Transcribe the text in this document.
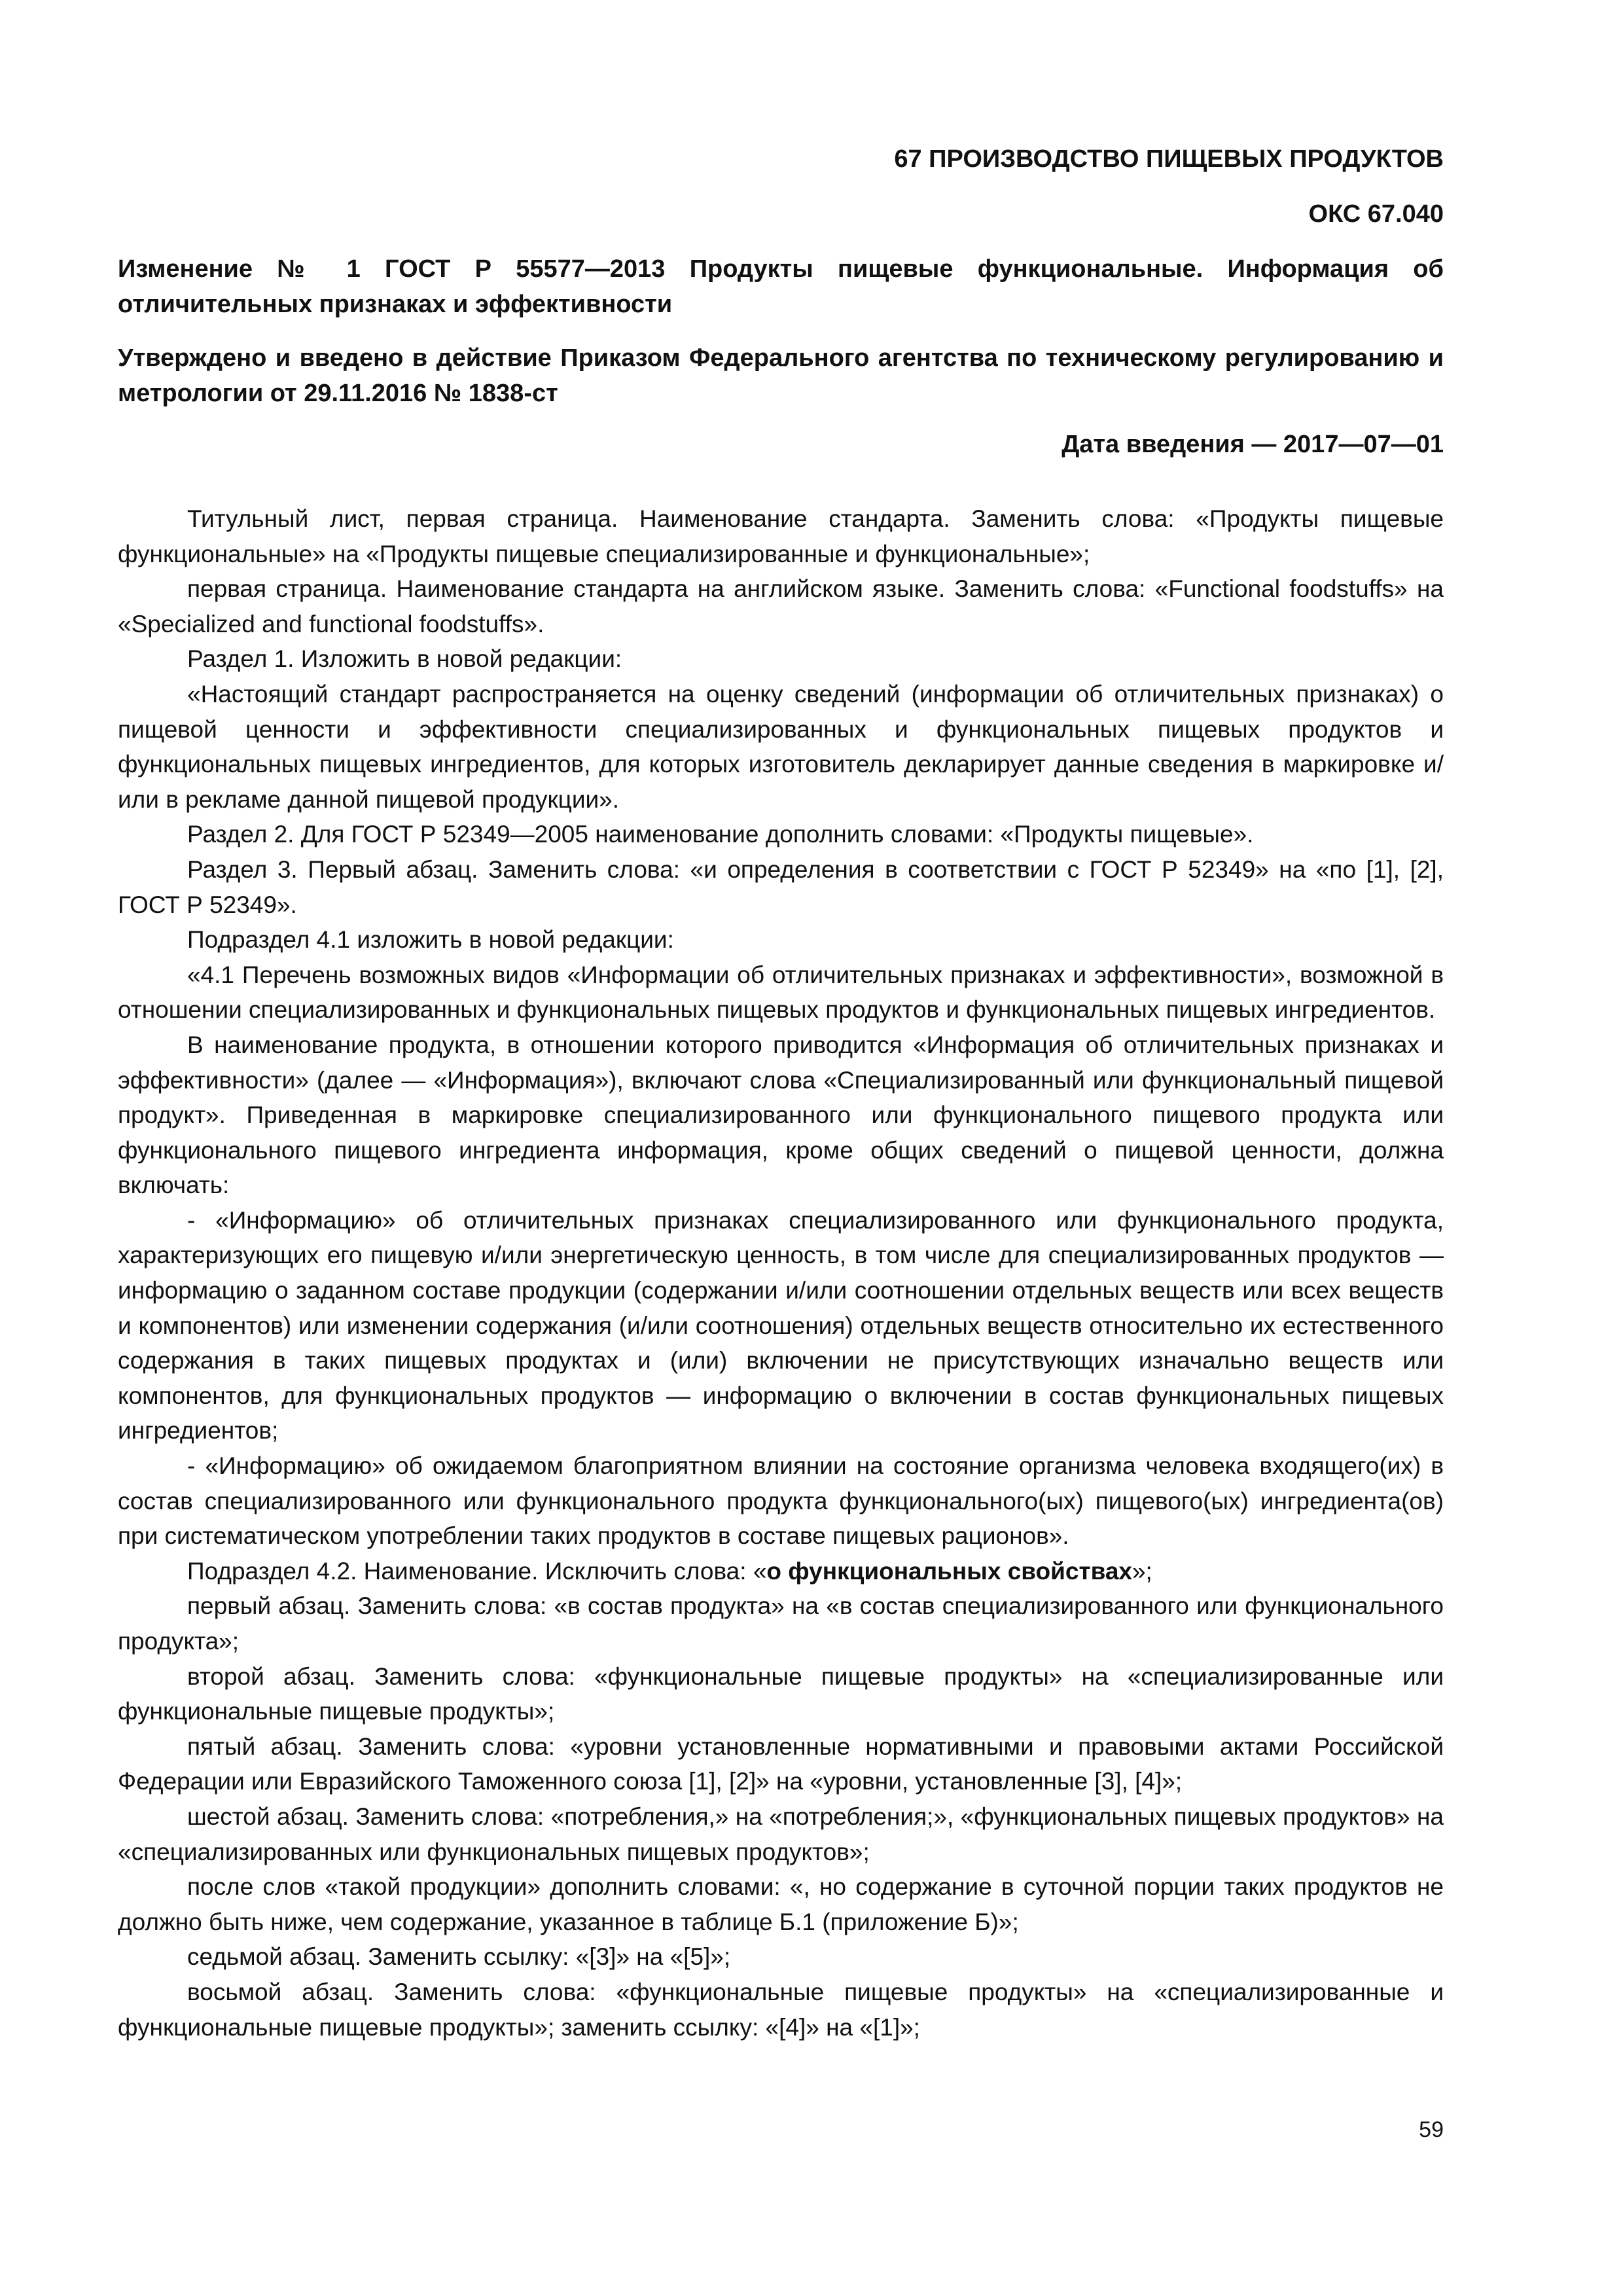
67 ПРОИЗВОДСТВО ПИЩЕВЫХ ПРОДУКТОВ
ОКС 67.040
Изменение № 1 ГОСТ Р 55577—2013 Продукты пищевые функциональные. Информация об отличительных признаках и эффективности
Утверждено и введено в действие Приказом Федерального агентства по техническому регулированию и метрологии от 29.11.2016 № 1838-ст
Дата введения — 2017—07—01

Титульный лист, первая страница. Наименование стандарта. Заменить слова: «Продукты пищевые функциональные» на «Продукты пищевые специализированные и функциональные»;

первая страница. Наименование стандарта на английском языке. Заменить слова: «Functional foodstuffs» на «Specialized and functional foodstuffs».

Раздел 1. Изложить в новой редакции:

«Настоящий стандарт распространяется на оценку сведений (информации об отличительных признаках) о пищевой ценности и эффективности специализированных и функциональных пищевых продуктов и функциональных пищевых ингредиентов, для которых изготовитель декларирует данные сведения в маркировке и/или в рекламе данной пищевой продукции».

Раздел 2. Для ГОСТ Р 52349—2005 наименование дополнить словами: «Продукты пищевые».

Раздел 3. Первый абзац. Заменить слова: «и определения в соответствии с ГОСТ Р 52349» на «по [1], [2], ГОСТ Р 52349».

Подраздел 4.1 изложить в новой редакции:

«4.1 Перечень возможных видов «Информации об отличительных признаках и эффективности», возможной в отношении специализированных и функциональных пищевых продуктов и функциональных пищевых ингредиентов.

В наименование продукта, в отношении которого приводится «Информация об отличительных признаках и эффективности» (далее — «Информация»), включают слова «Специализированный или функциональный пищевой продукт». Приведенная в маркировке специализированного или функционального пищевого продукта или функционального пищевого ингредиента информация, кроме общих сведений о пищевой ценности, должна включать:

- «Информацию» об отличительных признаках специализированного или функционального продукта, характеризующих его пищевую и/или энергетическую ценность, в том числе для специализированных продуктов — информацию о заданном составе продукции (содержании и/или соотношении отдельных веществ или всех веществ и компонентов) или изменении содержания (и/или соотношения) отдельных веществ относительно их естественного содержания в таких пищевых продуктах и (или) включении не присутствующих изначально веществ или компонентов, для функциональных продуктов — информацию о включении в состав функциональных пищевых ингредиентов;

- «Информацию» об ожидаемом благоприятном влиянии на состояние организма человека входящего(их) в состав специализированного или функционального продукта функционального(ых) пищевого(ых) ингредиента(ов) при систематическом употреблении таких продуктов в составе пищевых рационов».

Подраздел 4.2. Наименование. Исключить слова: «о функциональных свойствах»;

первый абзац. Заменить слова: «в состав продукта» на «в состав специализированного или функционального продукта»;

второй абзац. Заменить слова: «функциональные пищевые продукты» на «специализированные или функциональные пищевые продукты»;

пятый абзац. Заменить слова: «уровни установленные нормативными и правовыми актами Российской Федерации или Евразийского Таможенного союза [1], [2]» на «уровни, установленные [3], [4]»;

шестой абзац. Заменить слова: «потребления,» на «потребления;», «функциональных пищевых продуктов» на «специализированных или функциональных пищевых продуктов»;

после слов «такой продукции» дополнить словами: «, но содержание в суточной порции таких продуктов не должно быть ниже, чем содержание, указанное в таблице Б.1 (приложение Б)»;

седьмой абзац. Заменить ссылку: «[3]» на «[5]»;

восьмой абзац. Заменить слова: «функциональные пищевые продукты» на «специализированные и функциональные пищевые продукты»; заменить ссылку: «[4]» на «[1]»;

59
